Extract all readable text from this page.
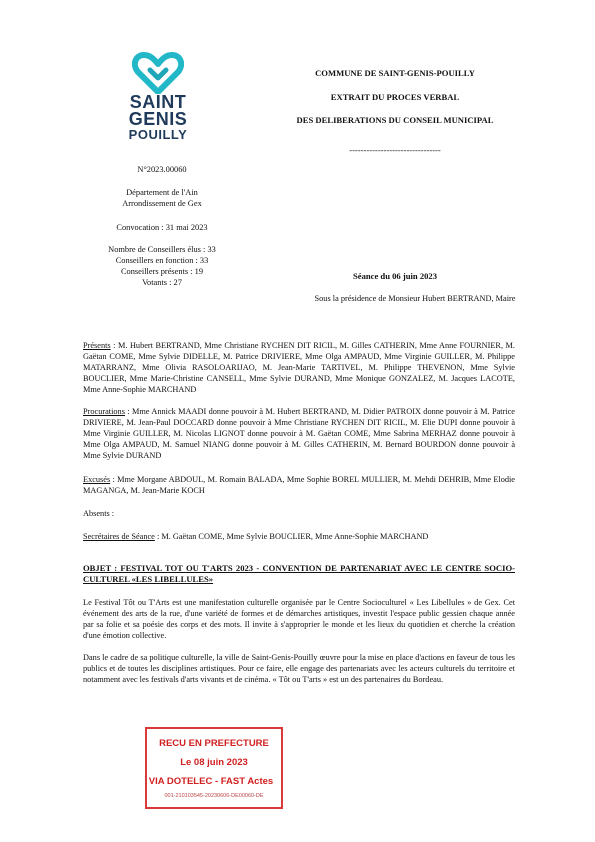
SAINT
GENIS
POUILLY
COMMUNE DE SAINT-GENIS-POUILLY
EXTRAIT DU PROCES VERBAL
DES DELIBERATIONS DU CONSEIL MUNICIPAL
--------------------------------
N°2023.00060
Département de l'Ain
Arrondissement de Gex
Convocation : 31 mai 2023
Nombre de Conseillers élus : 33
Conseillers en fonction : 33
Conseillers présents : 19
Votants : 27
Séance du 06 juin 2023
Sous la présidence de Monsieur Hubert BERTRAND, Maire
Présents : M. Hubert BERTRAND, Mme Christiane RYCHEN DIT RICIL, M. Gilles CATHERIN, Mme Anne FOURNIER, M. Gaëtan COME, Mme Sylvie DIDELLE, M. Patrice DRIVIERE, Mme Olga AMPAUD, Mme Virginie GUILLER, M. Philippe MATARRANZ, Mme Olivia RASOLOARIJAO, M. Jean-Marie TARTIVEL, M. Philippe THEVENON, Mme Sylvie BOUCLIER, Mme Marie-Christine CANSELL, Mme Sylvie DURAND, Mme Monique GONZALEZ, M. Jacques LACOTE, Mme Anne-Sophie MARCHAND
Procurations : Mme Annick MAADI donne pouvoir à M. Hubert BERTRAND, M. Didier PATROIX donne pouvoir à M. Patrice DRIVIERE, M. Jean-Paul DOCCARD donne pouvoir à Mme Christiane RYCHEN DIT RICIL, M. Elie DUPI donne pouvoir à Mme Virginie GUILLER, M. Nicolas LIGNOT donne pouvoir à M. Gaëtan COME, Mme Sabrina MERHAZ donne pouvoir à Mme Olga AMPAUD, M. Samuel NIANG donne pouvoir à M. Gilles CATHERIN, M. Bernard BOURDON donne pouvoir à Mme Sylvie DURAND
Excusés : Mme Morgane ABDOUL, M. Romain BALADA, Mme Sophie BOREL MULLIER, M. Mehdi DEHRIB, Mme Elodie MAGANGA, M. Jean-Marie KOCH
Absents :
Secrétaires de Séance : M. Gaëtan COME, Mme Sylvie BOUCLIER, Mme Anne-Sophie MARCHAND
OBJET : FESTIVAL TOT OU T'ARTS 2023 - CONVENTION DE PARTENARIAT AVEC LE CENTRE SOCIO-CULTUREL «LES LIBELLULES»
Le Festival Tôt ou T'Arts est une manifestation culturelle organisée par le Centre Socioculturel « Les Libellules » de Gex. Cet événement des arts de la rue, d'une variété de formes et de démarches artistiques, investit l'espace public gessien chaque année par sa folie et sa poésie des corps et des mots. Il invite à s'approprier le monde et les lieux du quotidien et cherche la création d'une émotion collective.
Dans le cadre de sa politique culturelle, la ville de Saint-Genis-Pouilly œuvre pour la mise en place d'actions en faveur de tous les publics et de toutes les disciplines artistiques. Pour ce faire, elle engage des partenariats avec les acteurs culturels du territoire et notamment avec les festivals d'arts vivants et de cinéma. « Tôt ou T'arts » est un des partenaires du Bordeau.
RECU EN PREFECTURE
Le 08 juin 2023
VIA DOTELEC - FAST Actes
001-210103545-20230606-DE00060-DE
